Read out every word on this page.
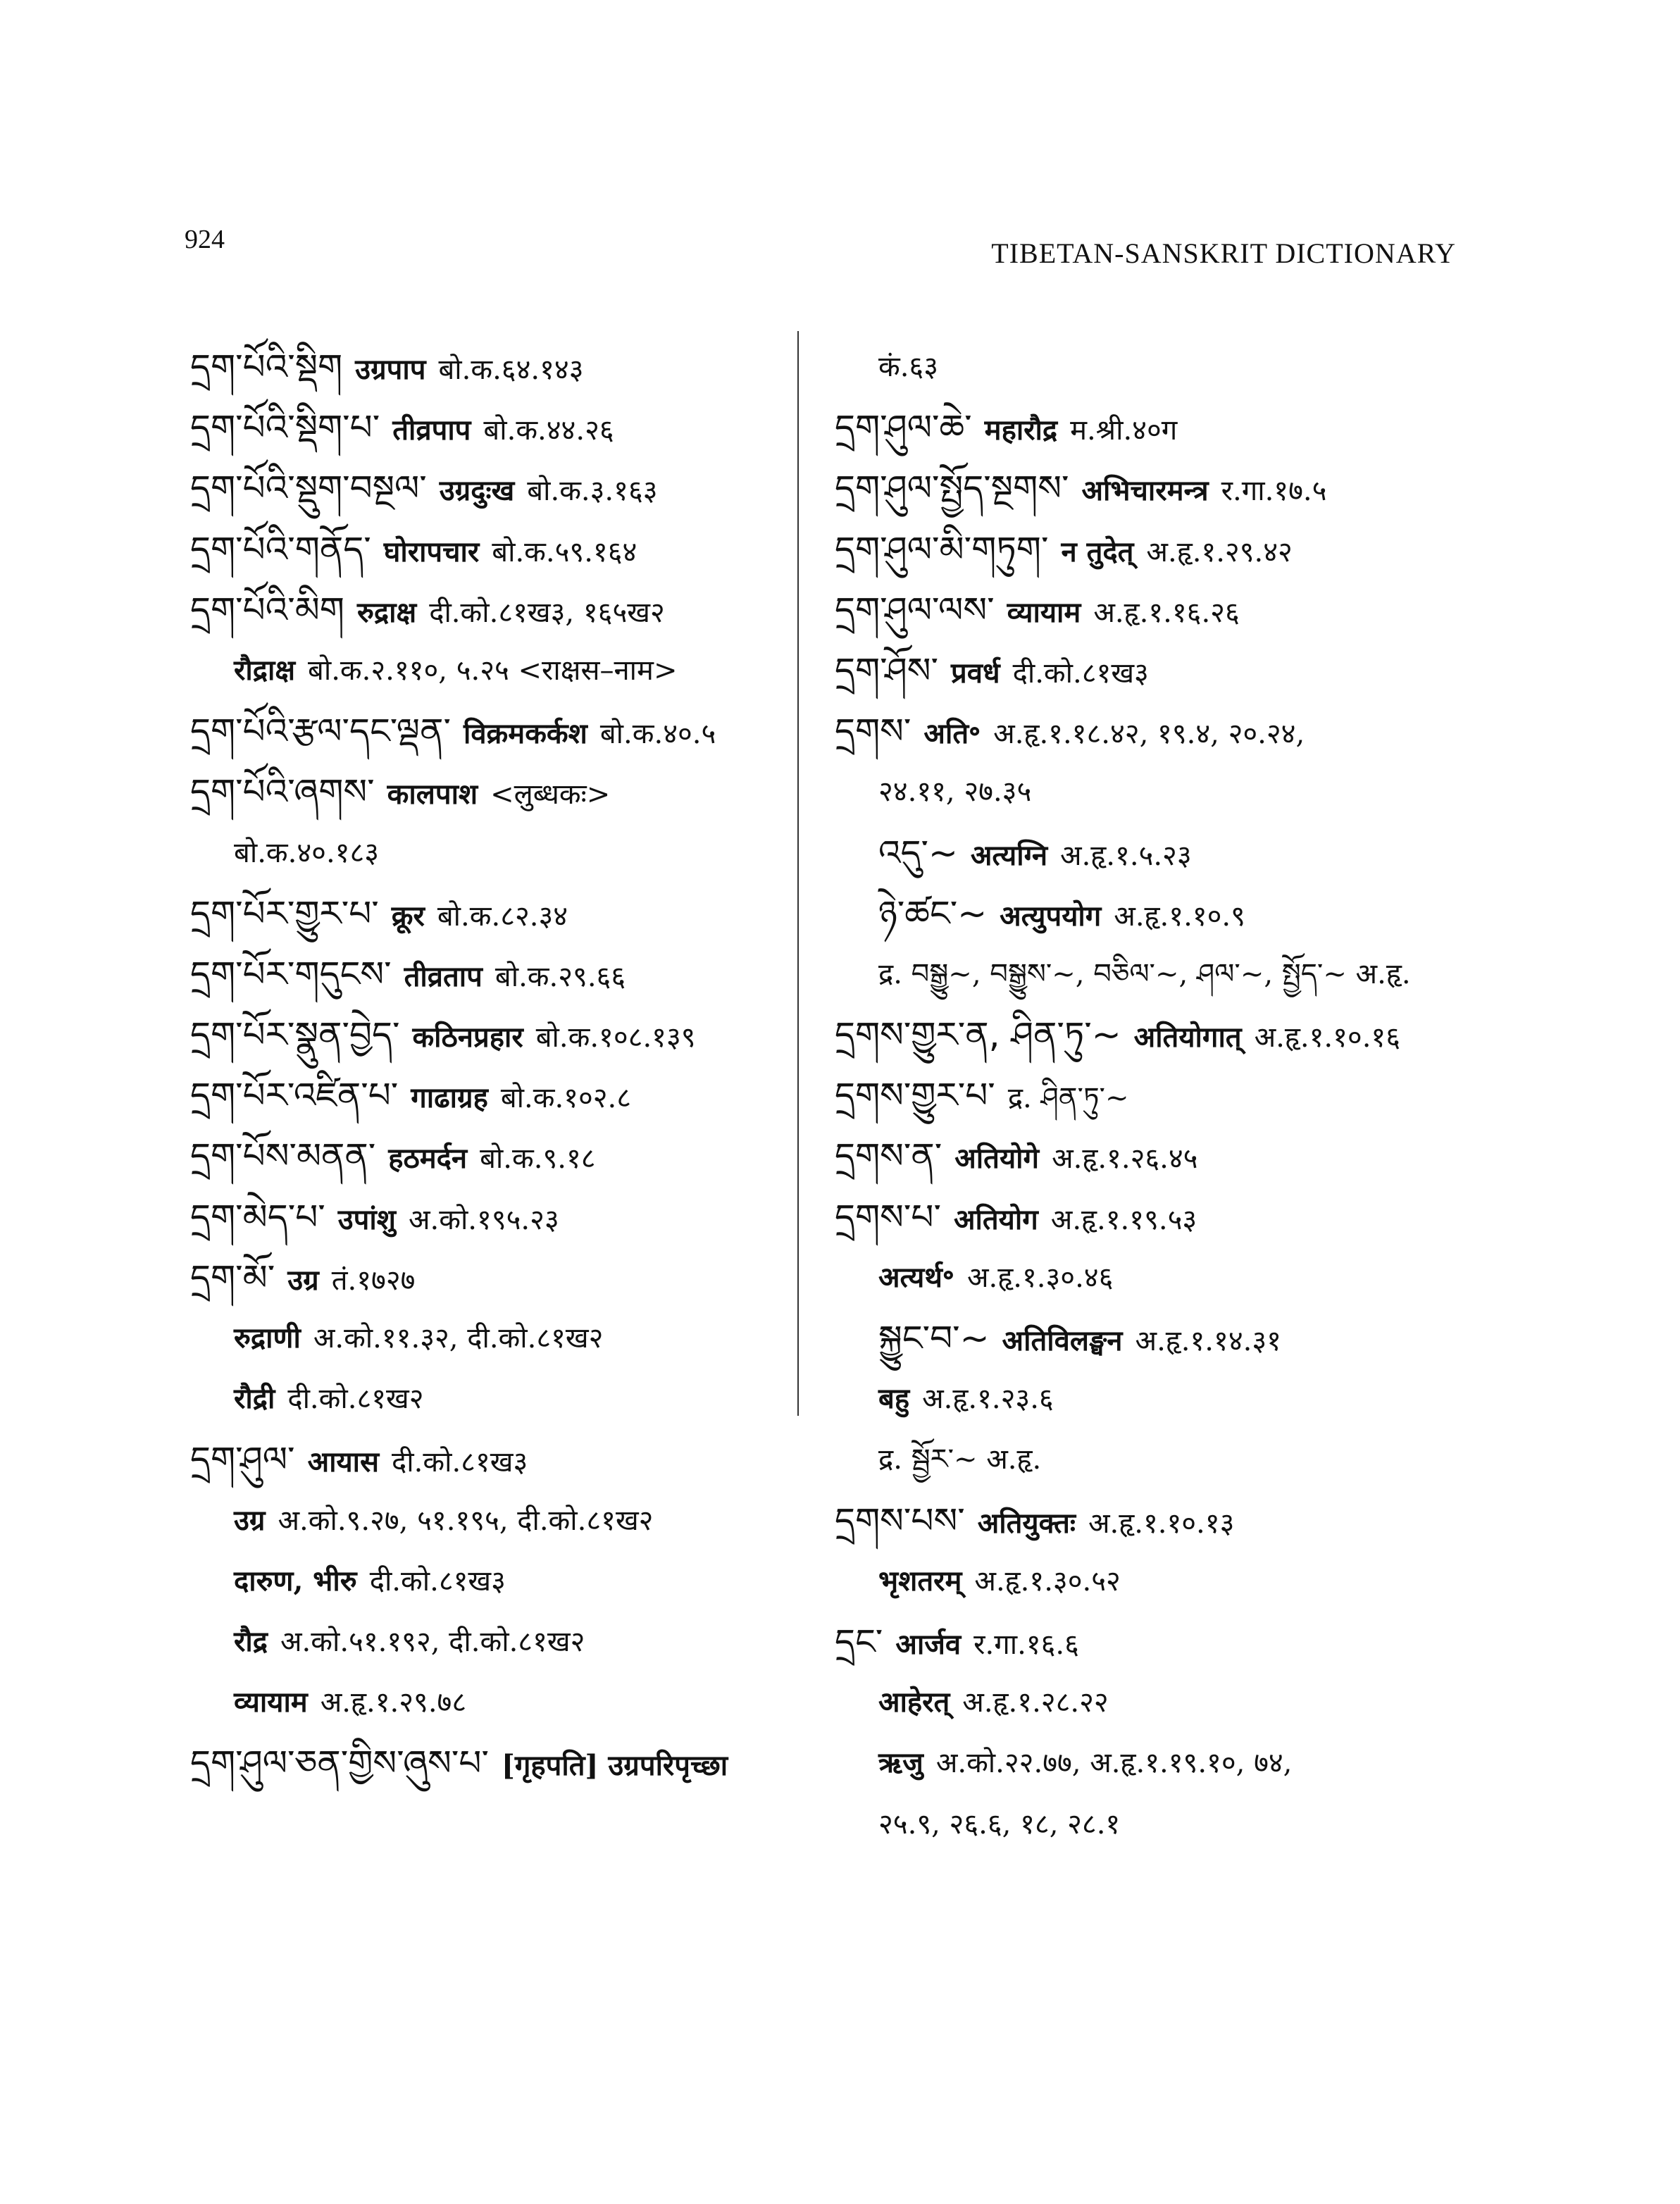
924	TIBETAN-SANSKRIT DICTIONARY
དྲག་པོའི་སྡིག उग्रपाप बो.क.६४.१४३
དྲག་པོའི་སྡིག་པ་ तीव्रपाप बो.क.४४.२६
དྲག་པོའི་སྡུག་བསྔལ་ उग्रदुःख बो.क.३.१६३
དྲག་པོའི་གནོད་ घोरापचार बो.क.५९.१६४
དྲག་པོའི་མིག रुद्राक्ष दी.को.८१ख३, १६५ख२
रौद्राक्ष बो.क.२.११०, ५.२५ <राक्षस–नाम>
དྲག་པོའི་རྩལ་དང་ལྡན་ विक्रमकर्कश बो.क.४०.५
དྲག་པོའི་ཞགས་ कालपाश <लुब्धकः>
बो.क.४०.१८३
དྲག་པོར་གྱུར་པ་ क्रूर बो.क.८२.३४
དྲག་པོར་གདུངས་ तीव्रताप बो.क.२९.६६
དྲག་པོར་སྣུན་བྱེད་ कठिनप्रहार बो.क.१०८.१३९
དྲག་པོར་འཛིན་པ་ गाढाग्रह बो.क.१०२.८
དྲག་པོས་མནན་ हठमर्दन बो.क.९.१८
དྲག་མེད་པ་ उपांशु अ.को.१९५.२३
དྲག་མོ་ उग्र तं.१७२७
रुद्राणी अ.को.११.३२, दी.को.८१ख२
रौद्री दी.को.८१ख२
དྲག་ཤུལ་ आयास दी.को.८१ख३
उग्र अ.को.९.२७, ५१.१९५, दी.को.८१ख२
दारुण, भीरु दी.को.८१ख३
रौद्र अ.को.५१.१९२, दी.को.८१ख२
व्यायाम अ.हृ.१.२९.७८
དྲག་ཤུལ་ཅན་གྱིས་ཞུས་པ་ [गृहपति] उग्रपरिपृच्छा
कं.६३
དྲག་ཤུལ་ཆེ་ महारौद्र म.श्री.४०ग
དྲག་ཤུལ་སྤྱོད་སྔགས་ अभिचारमन्त्र र.गा.१७.५
དྲག་ཤུལ་མི་གཏུག་ न तुदेत् अ.हृ.१.२९.४२
དྲག་ཤུལ་ལས་ व्यायाम अ.हृ.१.१६.२६
དྲག་ཤོས་ प्रवर्ध दी.को.८१ख३
དྲགས་ अति॰ अ.हृ.१.१८.४२, १९.४, २०.२४,
२४.११, २७.३५
འདུ་~ अत्यग्नि अ.हृ.१.५.२३
ཉེ་ཚང་~ अत्युपयोग अ.हृ.१.१०.९
द्र. བསྒྱུ~, བསྒྱུས་~, བཅིལ་~, ཤལ་~, སྤྱོད་~ अ.हृ.
དྲགས་གྱུར་ན, ཤིན་ཏུ་~ अतियोगात् अ.हृ.१.१०.१६
དྲགས་གྱུར་པ་ द्र. ཤིན་ཏུ་~
དྲགས་ན་ अतियोगे अ.हृ.१.२६.४५
དྲགས་པ་ अतियोग अ.हृ.१.१९.५३
अत्यर्थ॰ अ.हृ.१.३०.४६
སྐྱུང་བ་~ अतिविलङ्घन अ.हृ.१.१४.३१
बहु अ.हृ.१.२३.६
द्र. སྦྱོར་~ अ.हृ.
དྲགས་པས་ अतियुक्तः अ.हृ.१.१०.१३
भृशतरम् अ.हृ.१.३०.५२
དྲང་ आर्जव र.गा.१६.६
आहेरत् अ.हृ.१.२८.२२
ऋजु अ.को.२२.७७, अ.हृ.१.१९.१०, ७४,
२५.९, २६.६, १८, २८.१
